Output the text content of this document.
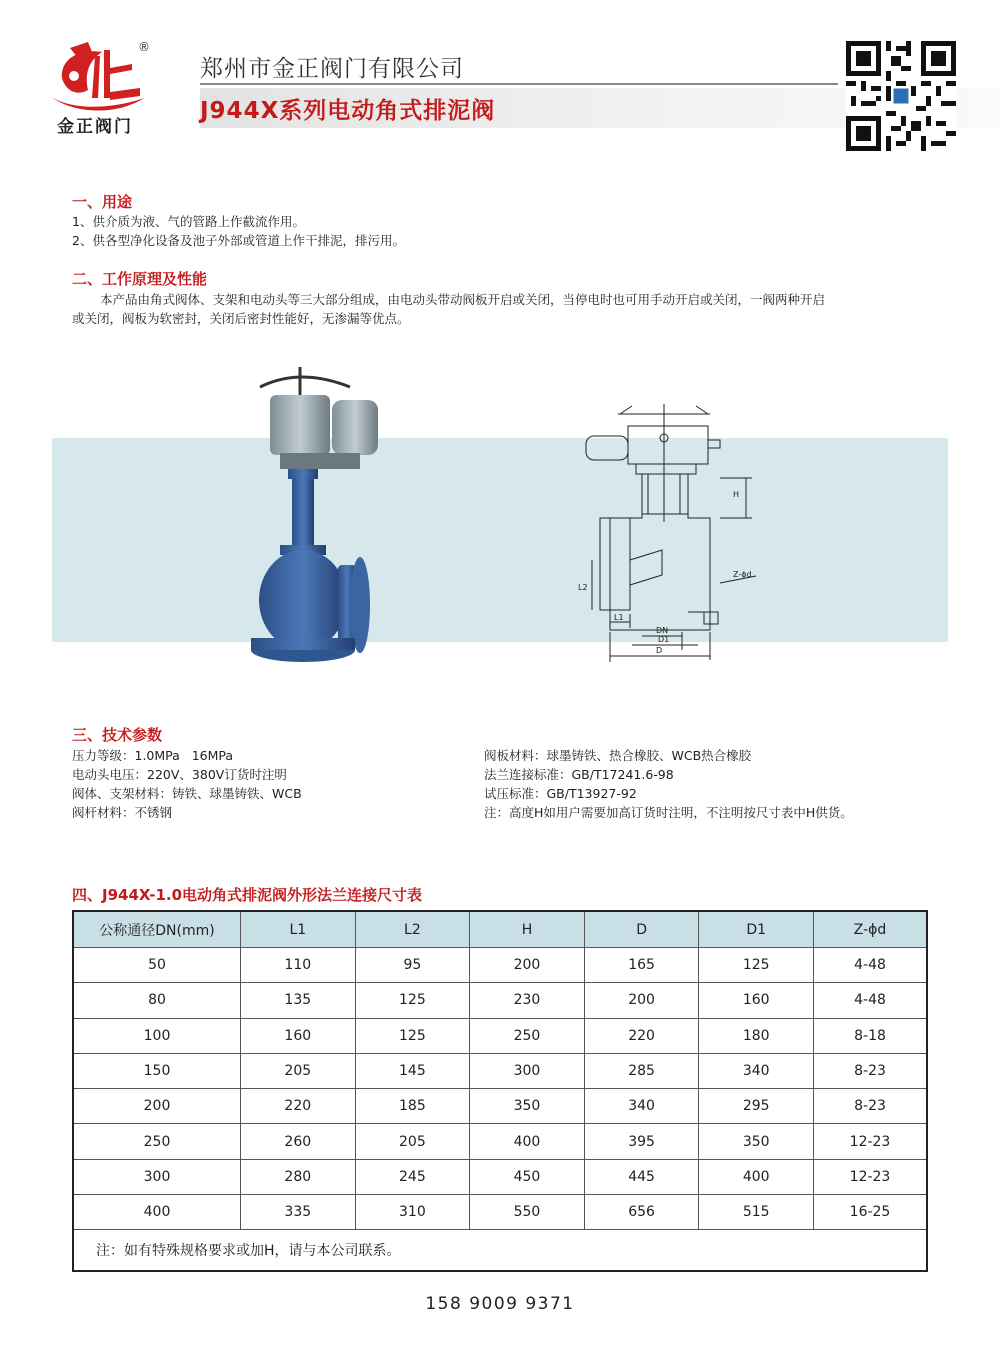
®
金正阀门
郑州市金正阀门有限公司
J944X系列电动角式排泥阀
一、用途
1、供介质为液、气的管路上作截流作用。
2、供各型净化设备及池子外部或管道上作干排泥，排污用。
二、工作原理及性能
本产品由角式阀体、支架和电动头等三大部分组成，由电动头带动阀板开启或关闭，当停电时也可用手动开启或关闭，一阀两种开启
或关闭，阀板为软密封，关闭后密封性能好，无渗漏等优点。
H
L2
L1
DN
D1
D
Z-ϕd
三、技术参数
压力等级：1.0MPa   16MPa
电动头电压：220V、380V订货时注明
阀体、支架材料：铸铁、球墨铸铁、WCB
阀杆材料：不锈钢
阀板材料：球墨铸铁、热合橡胶、WCB热合橡胶
法兰连接标准：GB/T17241.6-98
试压标准：GB/T13927-92
注：高度H如用户需要加高订货时注明，不注明按尺寸表中H供货。
四、J944X-1.0电动角式排泥阀外形法兰连接尺寸表
公称通径DN(mm)	L1	L2	H	D	D1	Z-ϕd
50	110	95	200	165	125	4-48
80	135	125	230	200	160	4-48
100	160	125	250	220	180	8-18
150	205	145	300	285	340	8-23
200	220	185	350	340	295	8-23
250	260	205	400	395	350	12-23
300	280	245	450	445	400	12-23
400	335	310	550	656	515	16-25
注：如有特殊规格要求或加H，请与本公司联系。						
158 9009 9371
